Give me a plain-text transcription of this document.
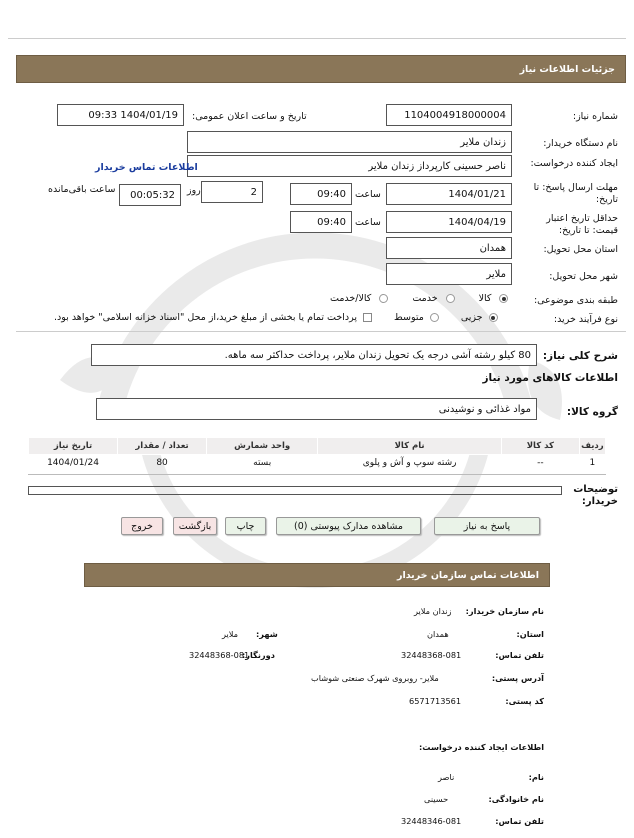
جزئیات اطلاعات نیاز
شماره نیاز:
1104004918000004
تاریخ و ساعت اعلان عمومی:
1404/01/19 09:33
نام دستگاه خریدار:
زندان ملایر
ایجاد کننده درخواست:
ناصر حسینی کارپرداز زندان ملایر
اطلاعات تماس خریدار
مهلت ارسال پاسخ: تا تاریخ:
1404/01/21
ساعت
09:40
روز	2
00:05:32
ساعت باقی‌مانده
حداقل تاریخ اعتبار قیمت: تا تاریخ:
1404/04/19
ساعت
09:40
استان محل تحویل:
همدان
شهر محل تحویل:
ملایر
طبقه بندی موضوعی:
کالا
خدمت
کالا/خدمت
نوع فرآیند خرید:
جزیی
متوسط
پرداخت تمام یا بخشی از مبلغ خرید،از محل "اسناد خزانه اسلامی" خواهد بود.
شرح کلی نیاز:
80 کیلو رشته آشی درجه یک تحویل زندان ملایر، پرداخت حداکثر سه ماهه.
اطلاعات کالاهای مورد نیاز
گروه کالا:
مواد غذائی و نوشیدنی
ردیف	کد کالا	نام کالا	واحد شمارش	تعداد / مقدار	تاریخ نیاز
1	--	رشته سوپ و آش و پلوی	بسته	80	1404/01/24
توضیحات خریدار:
پاسخ به نیاز
مشاهده مدارک پیوستی (0)
چاپ
بازگشت
خروج
اطلاعات تماس سازمان خریدار
نام سازمان خریدار:
زندان ملایر
استان:
همدان
شهر:
ملایر
تلفن تماس:
32448368-081
دورنگار:
32448368-081
آدرس پستی:
ملایر- روبروی شهرک صنعتی شوشاب
کد پستی:
6571713561
اطلاعات ایجاد کننده درخواست:
نام:
ناصر
نام خانوادگی:
حسینی
تلفن تماس:
32448346-081
